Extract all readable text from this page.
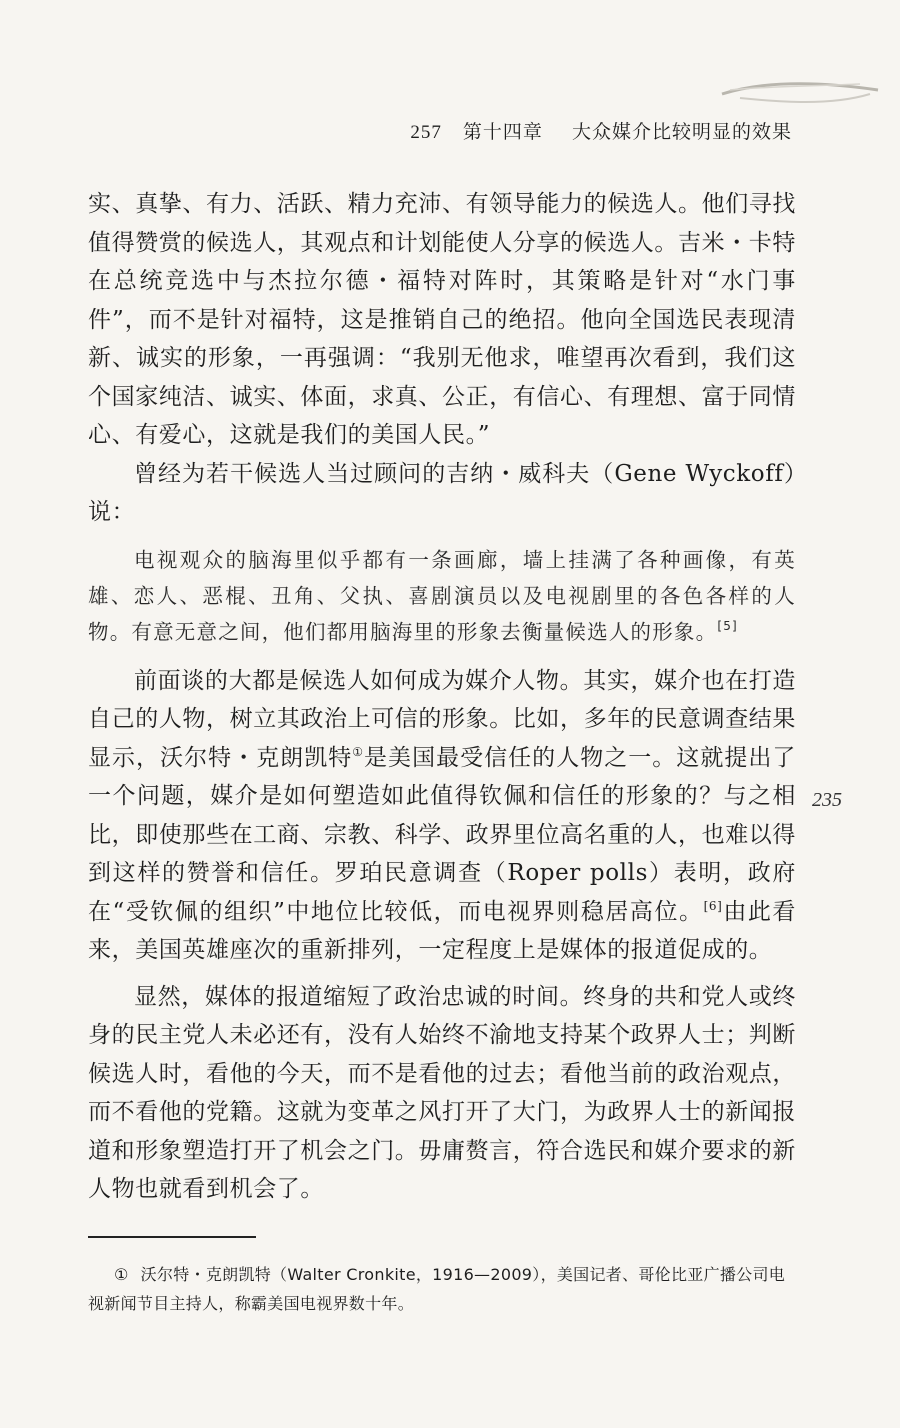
257 第十四章 大众媒介比较明显的效果

实、真挚、有力、活跃、精力充沛、有领导能力的候选人。他们寻找值得赞赏的候选人，其观点和计划能使人分享的候选人。吉米・卡特在总统竞选中与杰拉尔德・福特对阵时，其策略是针对“水门事件”，而不是针对福特，这是推销自己的绝招。他向全国选民表现清新、诚实的形象，一再强调：“我别无他求，唯望再次看到，我们这个国家纯洁、诚实、体面，求真、公正，有信心、有理想、富于同情心、有爱心，这就是我们的美国人民。”

曾经为若干候选人当过顾问的吉纳・威科夫（Gene Wyckoff）说：

电视观众的脑海里似乎都有一条画廊，墙上挂满了各种画像，有英雄、恋人、恶棍、丑角、父执、喜剧演员以及电视剧里的各色各样的人物。有意无意之间，他们都用脑海里的形象去衡量候选人的形象。[5]

前面谈的大都是候选人如何成为媒介人物。其实，媒介也在打造自己的人物，树立其政治上可信的形象。比如，多年的民意调查结果显示，沃尔特・克朗凯特①是美国最受信任的人物之一。这就提出了一个问题，媒介是如何塑造如此值得钦佩和信任的形象的？与之相比，即使那些在工商、宗教、科学、政界里位高名重的人，也难以得到这样的赞誉和信任。罗珀民意调查（Roper polls）表明，政府在“受钦佩的组织”中地位比较低，而电视界则稳居高位。[6]由此看来，美国英雄座次的重新排列，一定程度上是媒体的报道促成的。

显然，媒体的报道缩短了政治忠诚的时间。终身的共和党人或终身的民主党人未必还有，没有人始终不渝地支持某个政界人士；判断候选人时，看他的今天，而不是看他的过去；看他当前的政治观点，而不看他的党籍。这就为变革之风打开了大门，为政界人士的新闻报道和形象塑造打开了机会之门。毋庸赘言，符合选民和媒介要求的新人物也就看到机会了。

235
① 沃尔特・克朗凯特（Walter Cronkite，1916—2009），美国记者、哥伦比亚广播公司电视新闻节目主持人，称霸美国电视界数十年。
